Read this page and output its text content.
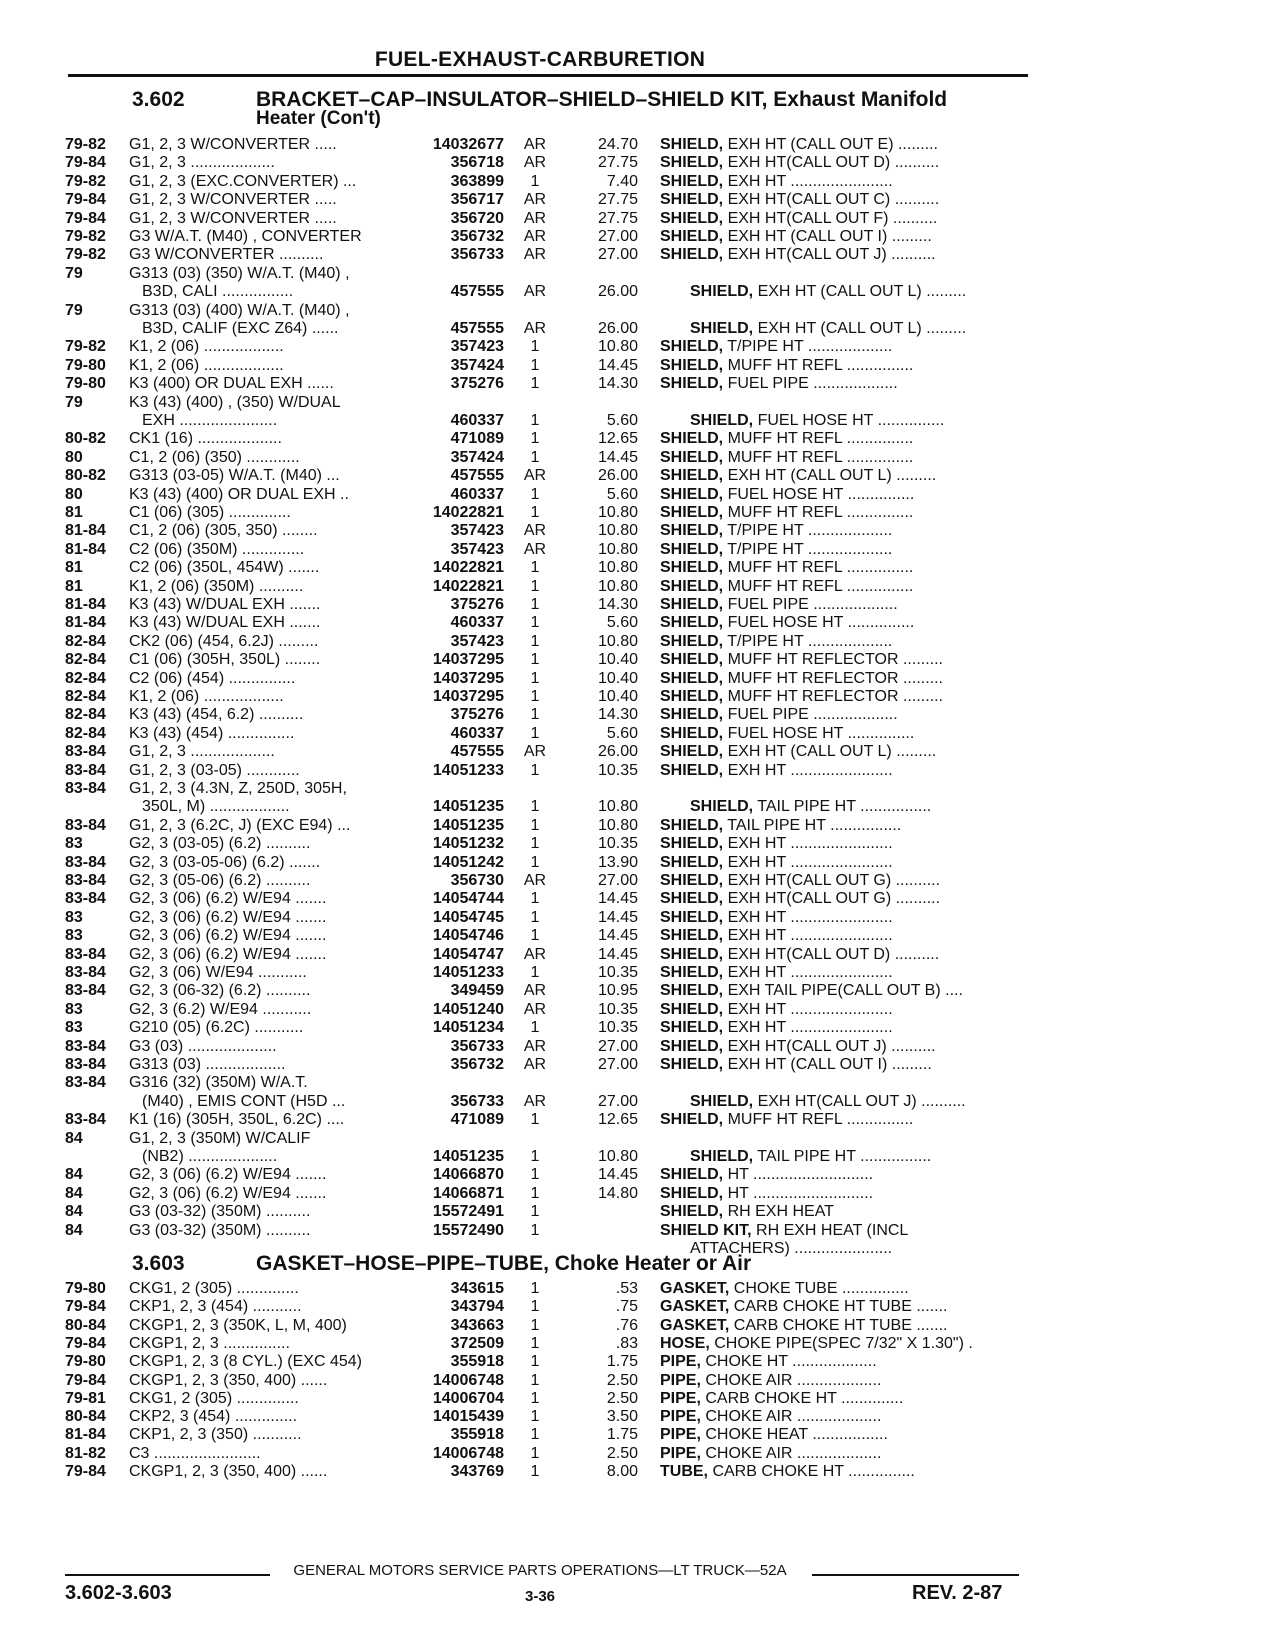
FUEL-EXHAUST-CARBURETION
3.602	BRACKET–CAP–INSULATOR–SHIELD–SHIELD KIT, Exhaust Manifold
Heater (Con't)
79-82 G1, 2, 3 W/CONVERTER .....	14032677	AR	24.70 SHIELD, EXH HT (CALL OUT E) .........
79-84 G1, 2, 3 ...................	356718	AR	27.75 SHIELD, EXH HT(CALL OUT D) ..........
79-82 G1, 2, 3 (EXC.CONVERTER) ...	363899	1	7.40 SHIELD, EXH HT .......................
79-84 G1, 2, 3 W/CONVERTER .....	356717	AR	27.75 SHIELD, EXH HT(CALL OUT C) ..........
79-84 G1, 2, 3 W/CONVERTER .....	356720	AR	27.75 SHIELD, EXH HT(CALL OUT F) ..........
79-82 G3 W/A.T. (M40) , CONVERTER	356732	AR	27.00 SHIELD, EXH HT (CALL OUT I) .........
79-82 G3 W/CONVERTER ..........	356733	AR	27.00 SHIELD, EXH HT(CALL OUT J) ..........
79	G313 (03) (350) W/A.T. (M40) ,
B3D, CALI ................	457555	AR	26.00	SHIELD, EXH HT (CALL OUT L) .........
79	G313 (03) (400) W/A.T. (M40) ,
B3D, CALIF (EXC Z64) ......	457555	AR	26.00	SHIELD, EXH HT (CALL OUT L) .........
79-82 K1, 2 (06) ..................	357423	1	10.80 SHIELD, T/PIPE HT ...................
79-80 K1, 2 (06) ..................	357424	1	14.45 SHIELD, MUFF HT REFL ...............
79-80 K3 (400) OR DUAL EXH ......	375276	1	14.30 SHIELD, FUEL PIPE ...................
79	K3 (43) (400) , (350) W/DUAL
EXH ......................	460337	1	5.60	SHIELD, FUEL HOSE HT ...............
80-82 CK1 (16) ...................	471089	1	12.65 SHIELD, MUFF HT REFL ...............
80	C1, 2 (06) (350) ............	357424	1	14.45 SHIELD, MUFF HT REFL ...............
80-82 G313 (03-05) W/A.T. (M40) ...	457555	AR	26.00 SHIELD, EXH HT (CALL OUT L) .........
80	K3 (43) (400) OR DUAL EXH ..	460337	1	5.60 SHIELD, FUEL HOSE HT ...............
81	C1 (06) (305) ..............	14022821	1	10.80 SHIELD, MUFF HT REFL ...............
81-84 C1, 2 (06) (305, 350) ........	357423	AR	10.80 SHIELD, T/PIPE HT ...................
81-84 C2 (06) (350M) ..............	357423	AR	10.80 SHIELD, T/PIPE HT ...................
81	C2 (06) (350L, 454W) .......	14022821	1	10.80 SHIELD, MUFF HT REFL ...............
81	K1, 2 (06) (350M) ..........	14022821	1	10.80 SHIELD, MUFF HT REFL ...............
81-84 K3 (43) W/DUAL EXH .......	375276	1	14.30 SHIELD, FUEL PIPE ...................
81-84 K3 (43) W/DUAL EXH .......	460337	1	5.60 SHIELD, FUEL HOSE HT ...............
82-84 CK2 (06) (454, 6.2J) .........	357423	1	10.80 SHIELD, T/PIPE HT ...................
82-84 C1 (06) (305H, 350L) ........	14037295	1	10.40 SHIELD, MUFF HT REFLECTOR .........
82-84 C2 (06) (454) ...............	14037295	1	10.40 SHIELD, MUFF HT REFLECTOR .........
82-84 K1, 2 (06) ..................	14037295	1	10.40 SHIELD, MUFF HT REFLECTOR .........
82-84 K3 (43) (454, 6.2) ..........	375276	1	14.30 SHIELD, FUEL PIPE ...................
82-84 K3 (43) (454) ...............	460337	1	5.60 SHIELD, FUEL HOSE HT ...............
83-84 G1, 2, 3 ...................	457555	AR	26.00 SHIELD, EXH HT (CALL OUT L) .........
83-84 G1, 2, 3 (03-05) ............	14051233	1	10.35 SHIELD, EXH HT .......................
83-84 G1, 2, 3 (4.3N, Z, 250D, 305H,
350L, M) ..................	14051235	1	10.80	SHIELD, TAIL PIPE HT ................
83-84 G1, 2, 3 (6.2C, J) (EXC E94) ...	14051235	1	10.80 SHIELD, TAIL PIPE HT ................
83	G2, 3 (03-05) (6.2) ..........	14051232	1	10.35 SHIELD, EXH HT .......................
83-84 G2, 3 (03-05-06) (6.2) .......	14051242	1	13.90 SHIELD, EXH HT .......................
83-84 G2, 3 (05-06) (6.2) ..........	356730	AR	27.00 SHIELD, EXH HT(CALL OUT G) ..........
83-84 G2, 3 (06) (6.2) W/E94 .......	14054744	1	14.45 SHIELD, EXH HT(CALL OUT G) ..........
83	G2, 3 (06) (6.2) W/E94 .......	14054745	1	14.45 SHIELD, EXH HT .......................
83	G2, 3 (06) (6.2) W/E94 .......	14054746	1	14.45 SHIELD, EXH HT .......................
83-84 G2, 3 (06) (6.2) W/E94 .......	14054747	AR	14.45 SHIELD, EXH HT(CALL OUT D) ..........
83-84 G2, 3 (06) W/E94 ...........	14051233	1	10.35 SHIELD, EXH HT .......................
83-84 G2, 3 (06-32) (6.2) ..........	349459	AR	10.95 SHIELD, EXH TAIL PIPE(CALL OUT B) ....
83	G2, 3 (6.2) W/E94 ...........	14051240	AR	10.35 SHIELD, EXH HT .......................
83	G210 (05) (6.2C) ...........	14051234	1	10.35 SHIELD, EXH HT .......................
83-84 G3 (03) ....................	356733	AR	27.00 SHIELD, EXH HT(CALL OUT J) ..........
83-84 G313 (03) ..................	356732	AR	27.00 SHIELD, EXH HT (CALL OUT I) .........
83-84 G316 (32) (350M) W/A.T.
(M40) , EMIS CONT (H5D ...	356733	AR	27.00	SHIELD, EXH HT(CALL OUT J) ..........
83-84 K1 (16) (305H, 350L, 6.2C) ....	471089	1	12.65 SHIELD, MUFF HT REFL ...............
84	G1, 2, 3 (350M) W/CALIF
(NB2) ....................	14051235	1	10.80	SHIELD, TAIL PIPE HT ................
84	G2, 3 (06) (6.2) W/E94 .......	14066870	1	14.45 SHIELD, HT ...........................
84	G2, 3 (06) (6.2) W/E94 .......	14066871	1	14.80 SHIELD, HT ...........................
84	G3 (03-32) (350M) ..........	15572491	1	SHIELD, RH EXH HEAT
84	G3 (03-32) (350M) ..........	15572490	1	SHIELD KIT, RH EXH HEAT (INCL
ATTACHERS) ......................
3.603	GASKET–HOSE–PIPE–TUBE, Choke Heater or Air
79-80 CKG1, 2 (305) ..............	343615	1	.53 GASKET, CHOKE TUBE ...............
79-84 CKP1, 2, 3 (454) ...........	343794	1	.75 GASKET, CARB CHOKE HT TUBE .......
80-84 CKGP1, 2, 3 (350K, L, M, 400)	343663	1	.76 GASKET, CARB CHOKE HT TUBE .......
79-84 CKGP1, 2, 3 ...............	372509	1	.83 HOSE, CHOKE PIPE(SPEC 7/32" X 1.30") .
79-80 CKGP1, 2, 3 (8 CYL.) (EXC 454)	355918	1	1.75 PIPE, CHOKE HT ...................
79-84 CKGP1, 2, 3 (350, 400) ......	14006748	1	2.50 PIPE, CHOKE AIR ...................
79-81 CKG1, 2 (305) ..............	14006704	1	2.50 PIPE, CARB CHOKE HT ..............
80-84 CKP2, 3 (454) ..............	14015439	1	3.50 PIPE, CHOKE AIR ...................
81-84 CKP1, 2, 3 (350) ...........	355918	1	1.75 PIPE, CHOKE HEAT .................
81-82 C3 ........................	14006748	1	2.50 PIPE, CHOKE AIR ...................
79-84 CKGP1, 2, 3 (350, 400) ......	343769	1	8.00 TUBE, CARB CHOKE HT ...............
GENERAL MOTORS SERVICE PARTS OPERATIONS—LT TRUCK—52A
3.602-3.603	3-36	REV. 2-87
